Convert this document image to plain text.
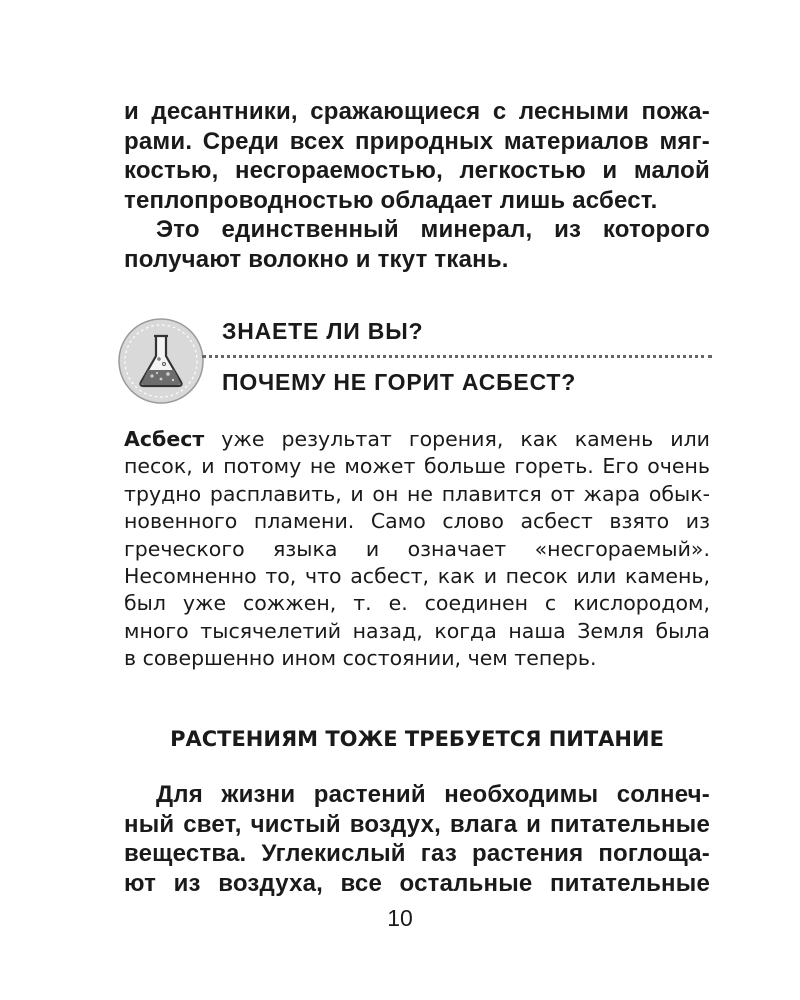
и десантники, сражающиеся с лесными пожа-
рами. Среди всех природных материалов мяг-
костью, несгораемостью, легкостью и малой
теплопроводностью обладает лишь асбест.
Это единственный минерал, из которого
получают волокно и ткут ткань.
ЗНАЕТЕ ЛИ ВЫ?
ПОЧЕМУ НЕ ГОРИТ АСБЕСТ?
Асбест уже результат горения, как камень или
песок, и потому не может больше гореть. Его очень
трудно расплавить, и он не плавится от жара обык-
новенного пламени. Само слово асбест взято из
греческого языка и означает «несгораемый».
Несомненно то, что асбест, как и песок или камень,
был уже сожжен, т. е. соединен с кислородом,
много тысячелетий назад, когда наша Земля была
в совершенно ином состоянии, чем теперь.
РАСТЕНИЯМ ТОЖЕ ТРЕБУЕТСЯ ПИТАНИЕ
Для жизни растений необходимы солнеч-
ный свет, чистый воздух, влага и питательные
вещества. Углекислый газ растения поглоща-
ют из воздуха, все остальные питательные
10
